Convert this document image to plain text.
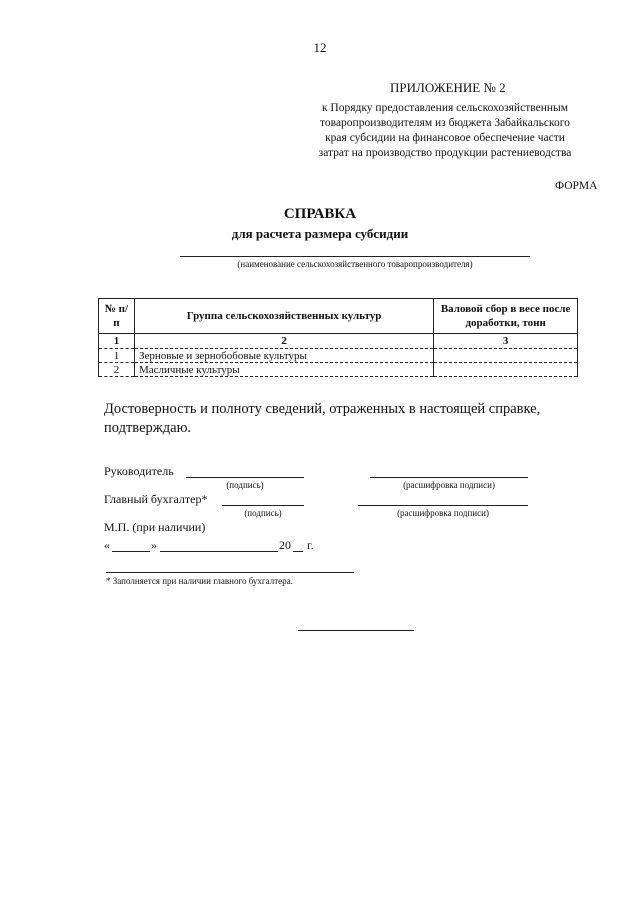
12
ПРИЛОЖЕНИЕ № 2
к Порядку предоставления сельскохозяйственным
товаропроизводителям из бюджета Забайкальского
края субсидии на финансовое обеспечение части
затрат на производство продукции растениеводства
ФОРМА
СПРАВКА
для расчета размера субсидии
(наименование сельскохозяйственного товаропроизводителя)
№ п/п	Группа сельскохозяйственных культур	Валовой сбор в весе после доработки, тонн
1	2	3
1	Зерновые и зернобобовые культуры	
2	Масличные культуры	
Достоверность и полноту сведений, отраженных в настоящей справке, подтверждаю.
Руководитель
(подпись)	(расшифровка подписи)
Главный бухгалтер*
(подпись)	(расшифровка подписи)
М.П. (при наличии)
«	»	20 г.
* Заполняется при наличии главного бухгалтера.
